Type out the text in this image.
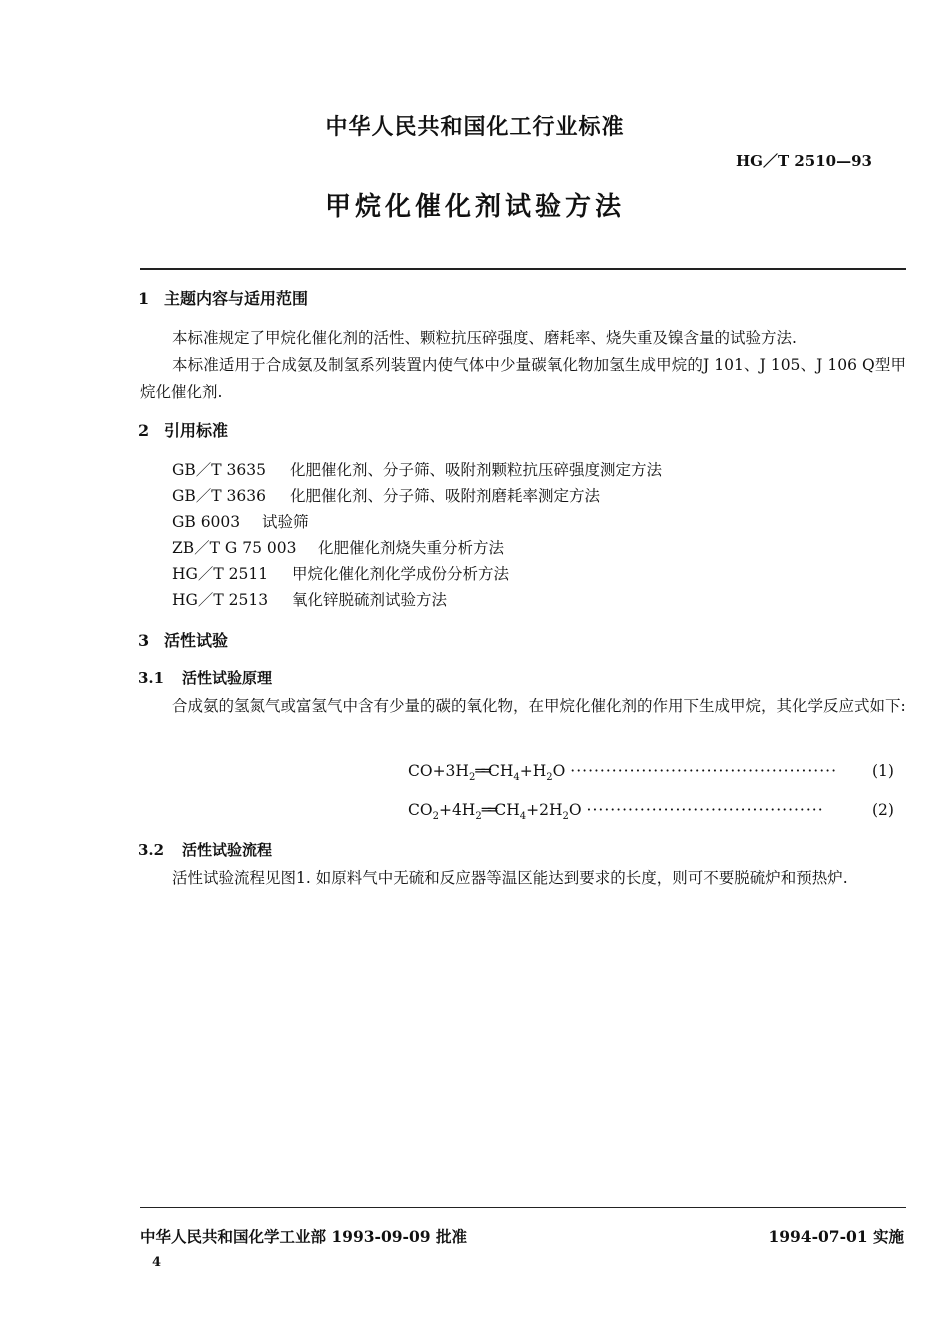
中华人民共和国化工行业标准
HG／T 2510—93
甲烷化催化剂试验方法
1 主题内容与适用范围
本标准规定了甲烷化催化剂的活性、颗粒抗压碎强度、磨耗率、烧失重及镍含量的试验方法.
本标准适用于合成氨及制氢系列装置内使气体中少量碳氧化物加氢生成甲烷的J 101、J 105、J 106 Q型甲烷化催化剂.
2 引用标准
GB／T 3635 化肥催化剂、分子筛、吸附剂颗粒抗压碎强度测定方法
GB／T 3636 化肥催化剂、分子筛、吸附剂磨耗率测定方法
GB 6003 试验筛
ZB／T G 75 003 化肥催化剂烧失重分析方法
HG／T 2511 甲烷化催化剂化学成份分析方法
HG／T 2513 氧化锌脱硫剂试验方法
3 活性试验
3.1 活性试验原理
合成氨的氢氮气或富氢气中含有少量的碳的氧化物，在甲烷化催化剂的作用下生成甲烷，其化学反应式如下:
$CO+3H_2══CH_4+H_2O$ ············································· (1)
$CO_2+4H_2══CH_4+2H_2O$ ········································	(2)
3.2 活性试验流程
活性试验流程见图1. 如原料气中无硫和反应器等温区能达到要求的长度，则可不要脱硫炉和预热炉.
中华人民共和国化学工业部 1993-09-09 批准	1994-07-01 实施
4
